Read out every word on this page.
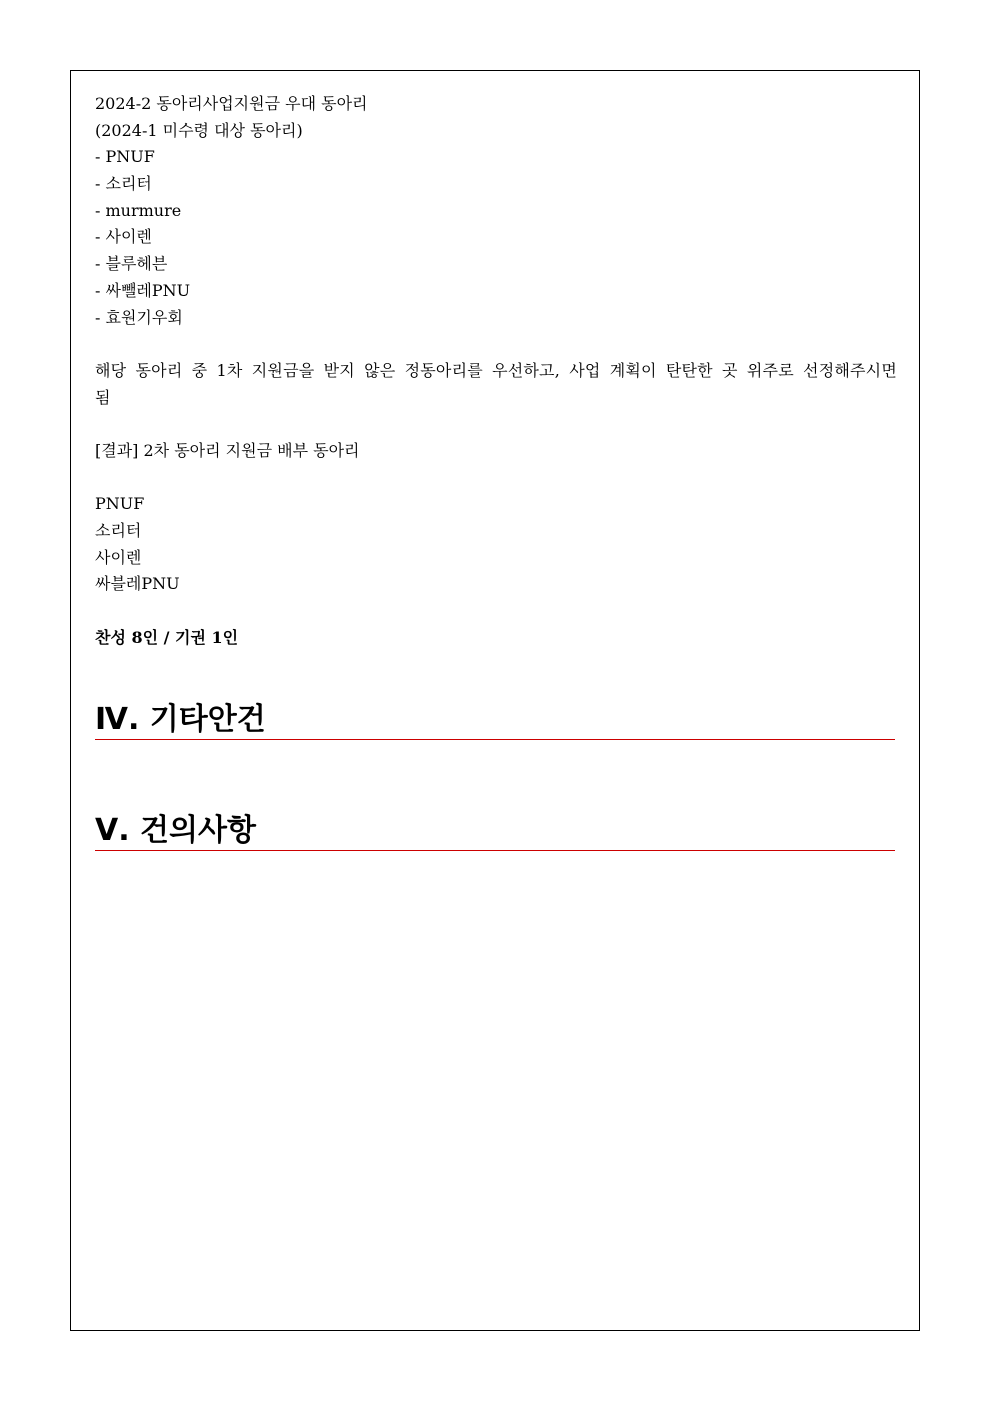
2024-2 동아리사업지원금 우대 동아리
(2024-1 미수령 대상 동아리)
- PNUF
- 소리터
- murmure
- 사이렌
- 블루헤븐
- 싸뺄레PNU
- 효원기우회
해당 동아리 중 1차 지원금을 받지 않은 정동아리를 우선하고, 사업 계획이 탄탄한 곳 위주로 선정해주시면 됨
[결과] 2차 동아리 지원금 배부 동아리
PNUF
소리터
사이렌
싸블레PNU
찬성 8인 / 기권 1인
Ⅳ. 기타안건
Ⅴ. 건의사항
